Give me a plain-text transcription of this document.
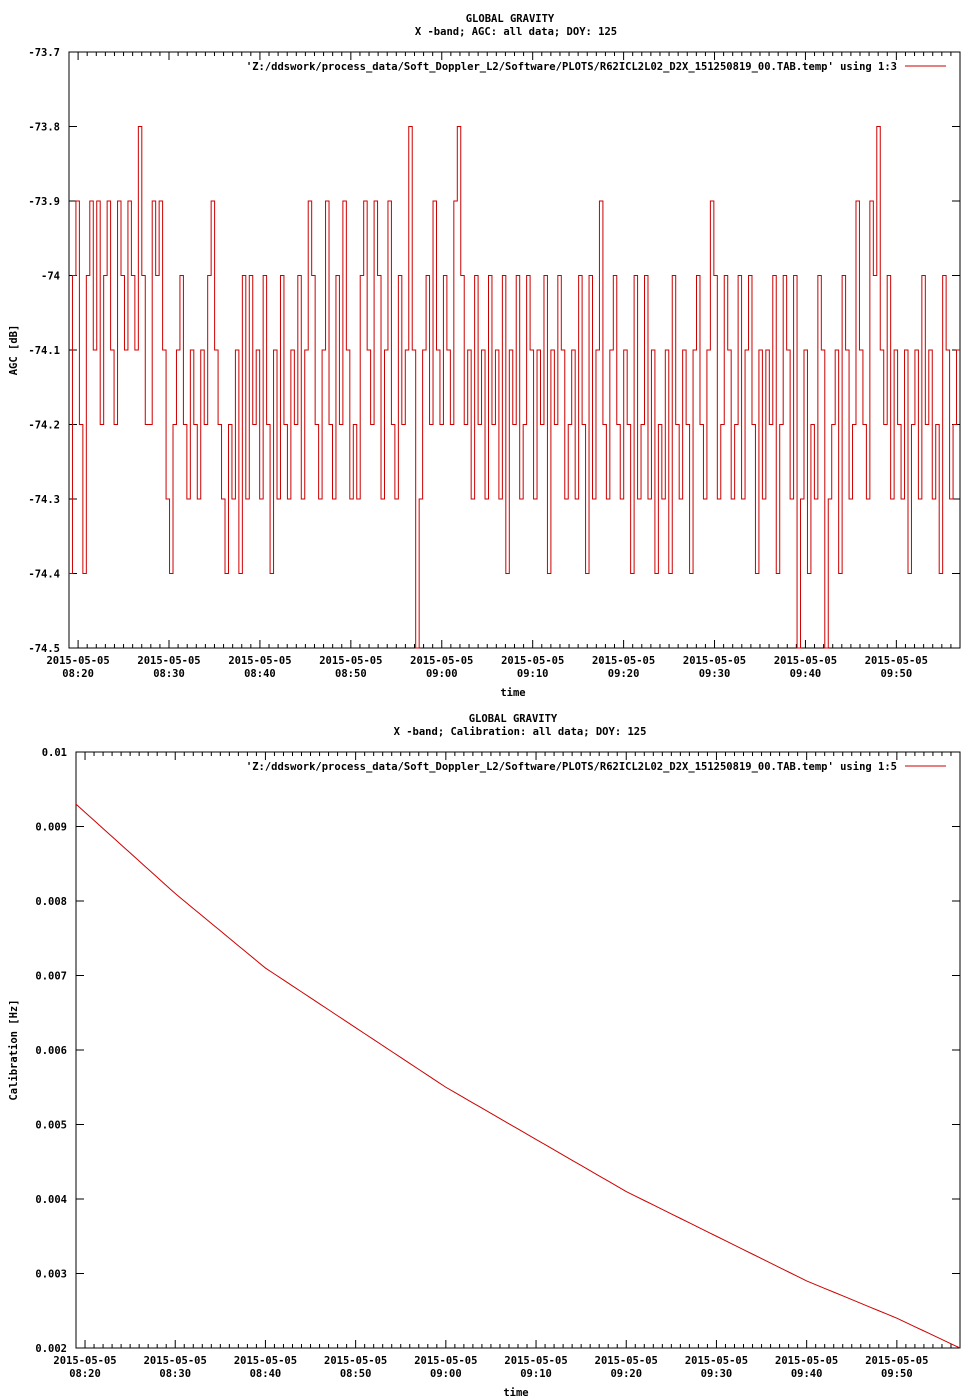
GLOBAL GRAVITY
X -band; AGC: all data; DOY: 125
-73.7
-73.8
-73.9
-74
-74.1
-74.2
-74.3
-74.4
-74.5
2015-05-05
08:20
2015-05-05
08:30
2015-05-05
08:40
2015-05-05
08:50
2015-05-05
09:00
2015-05-05
09:10
2015-05-05
09:20
2015-05-05
09:30
2015-05-05
09:40
2015-05-05
09:50
AGC [dB]
time
'Z:/ddswork/process_data/Soft_Doppler_L2/Software/PLOTS/R62ICL2L02_D2X_151250819_00.TAB.temp' using 1:3
GLOBAL GRAVITY
X -band; Calibration: all data; DOY: 125
0.01
0.009
0.008
0.007
0.006
0.005
0.004
0.003
0.002
2015-05-05
08:20
2015-05-05
08:30
2015-05-05
08:40
2015-05-05
08:50
2015-05-05
09:00
2015-05-05
09:10
2015-05-05
09:20
2015-05-05
09:30
2015-05-05
09:40
2015-05-05
09:50
Calibration [Hz]
time
'Z:/ddswork/process_data/Soft_Doppler_L2/Software/PLOTS/R62ICL2L02_D2X_151250819_00.TAB.temp' using 1:5
